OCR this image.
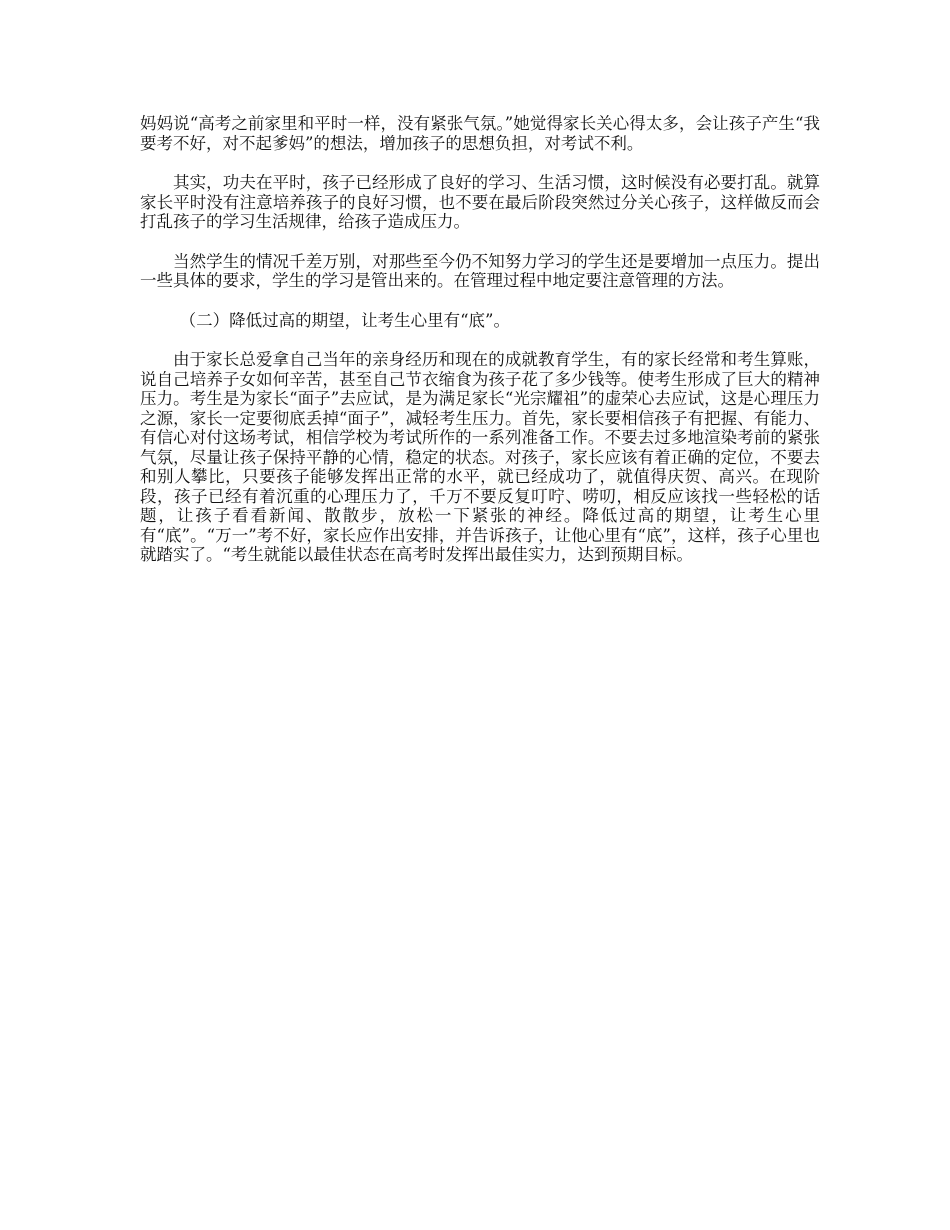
妈妈说“高考之前家里和平时一样，没有紧张气氛。”她觉得家长关心得太多，会让孩子产生“我要考不好，对不起爹妈”的想法，增加孩子的思想负担，对考试不利。

其实，功夫在平时，孩子已经形成了良好的学习、生活习惯，这时候没有必要打乱。就算家长平时没有注意培养孩子的良好习惯，也不要在最后阶段突然过分关心孩子，这样做反而会打乱孩子的学习生活规律，给孩子造成压力。

当然学生的情况千差万别，对那些至今仍不知努力学习的学生还是要增加一点压力。提出一些具体的要求，学生的学习是管出来的。在管理过程中地定要注意管理的方法。

（二）降低过高的期望，让考生心里有“底”。

由于家长总爱拿自己当年的亲身经历和现在的成就教育学生，有的家长经常和考生算账，说自己培养子女如何辛苦，甚至自己节衣缩食为孩子花了多少钱等。使考生形成了巨大的精神压力。考生是为家长“面子”去应试，是为满足家长“光宗耀祖”的虚荣心去应试，这是心理压力之源，家长一定要彻底丢掉“面子”，减轻考生压力。首先，家长要相信孩子有把握、有能力、有信心对付这场考试，相信学校为考试所作的一系列准备工作。不要去过多地渲染考前的紧张气氛，尽量让孩子保持平静的心情，稳定的状态。对孩子，家长应该有着正确的定位，不要去和别人攀比，只要孩子能够发挥出正常的水平，就已经成功了，就值得庆贺、高兴。在现阶段，孩子已经有着沉重的心理压力了，千万不要反复叮咛、唠叨，相反应该找一些轻松的话题，让孩子看看新闻、散散步，放松一下紧张的神经。降低过高的期望，让考生心里有“底”。“万一”考不好，家长应作出安排，并告诉孩子，让他心里有“底”，这样，孩子心里也就踏实了。“考生就能以最佳状态在高考时发挥出最佳实力，达到预期目标。
